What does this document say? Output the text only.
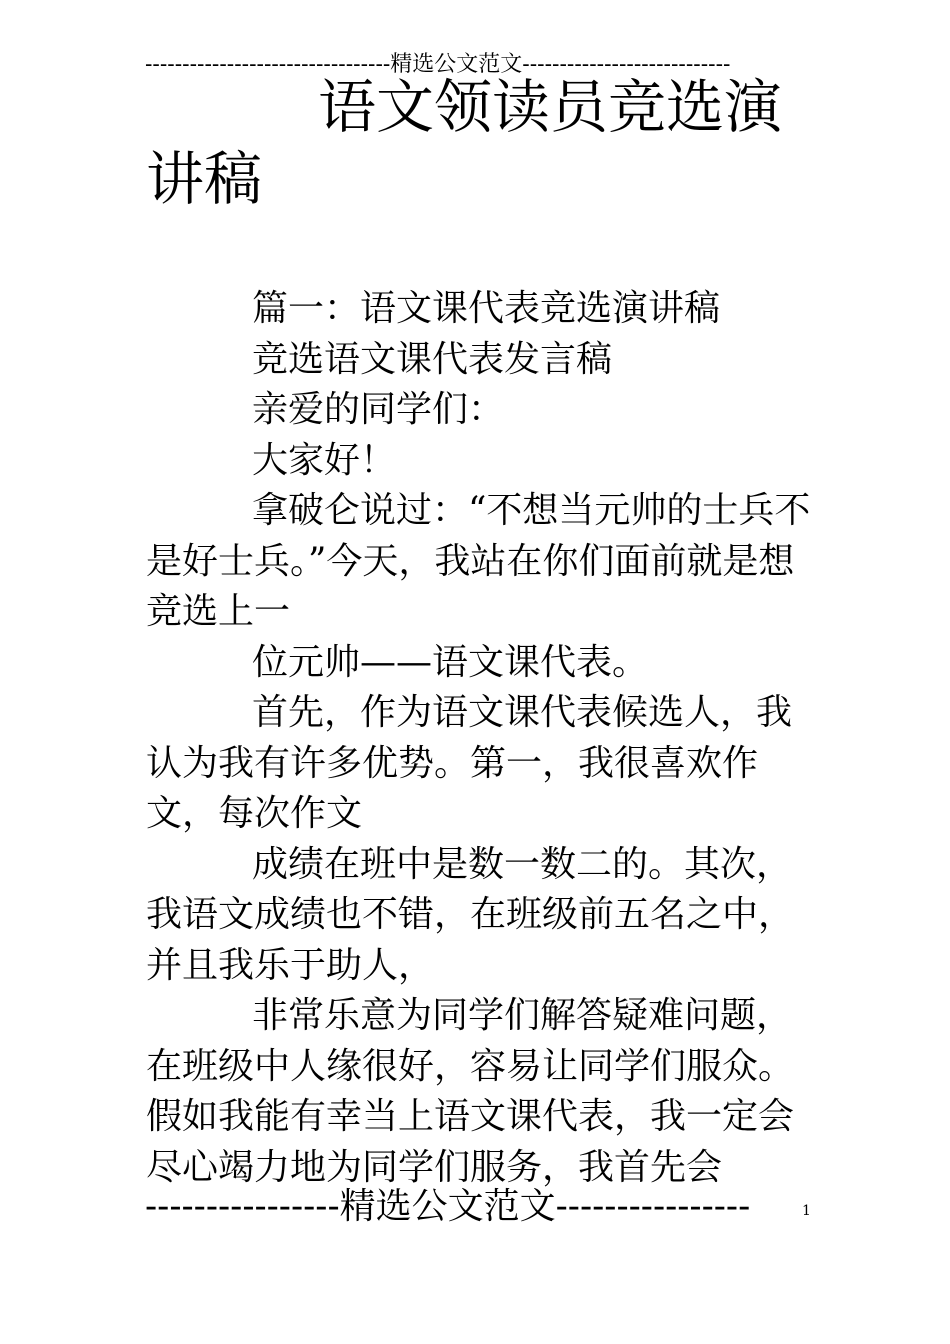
---------------------------------精选公文范文----------------------------
语文领读员竞选演
讲稿

篇一：语文课代表竞选演讲稿

竞选语文课代表发言稿

亲爱的同学们：

大家好！

拿破仑说过：“不想当元帅的士兵不是好士兵。”今天，我站在你们面前就是想竞选上一

位元帅——语文课代表。

首先，作为语文课代表候选人，我认为我有许多优势。第一，我很喜欢作文，每次作文

成绩在班中是数一数二的。其次，我语文成绩也不错，在班级前五名之中，并且我乐于助人，

非常乐意为同学们解答疑难问题，在班级中人缘很好，容易让同学们服众。假如我能有幸当上语文课代表，我一定会尽心竭力地为同学们服务，我首先会

----------------精选公文范文----------------	1
